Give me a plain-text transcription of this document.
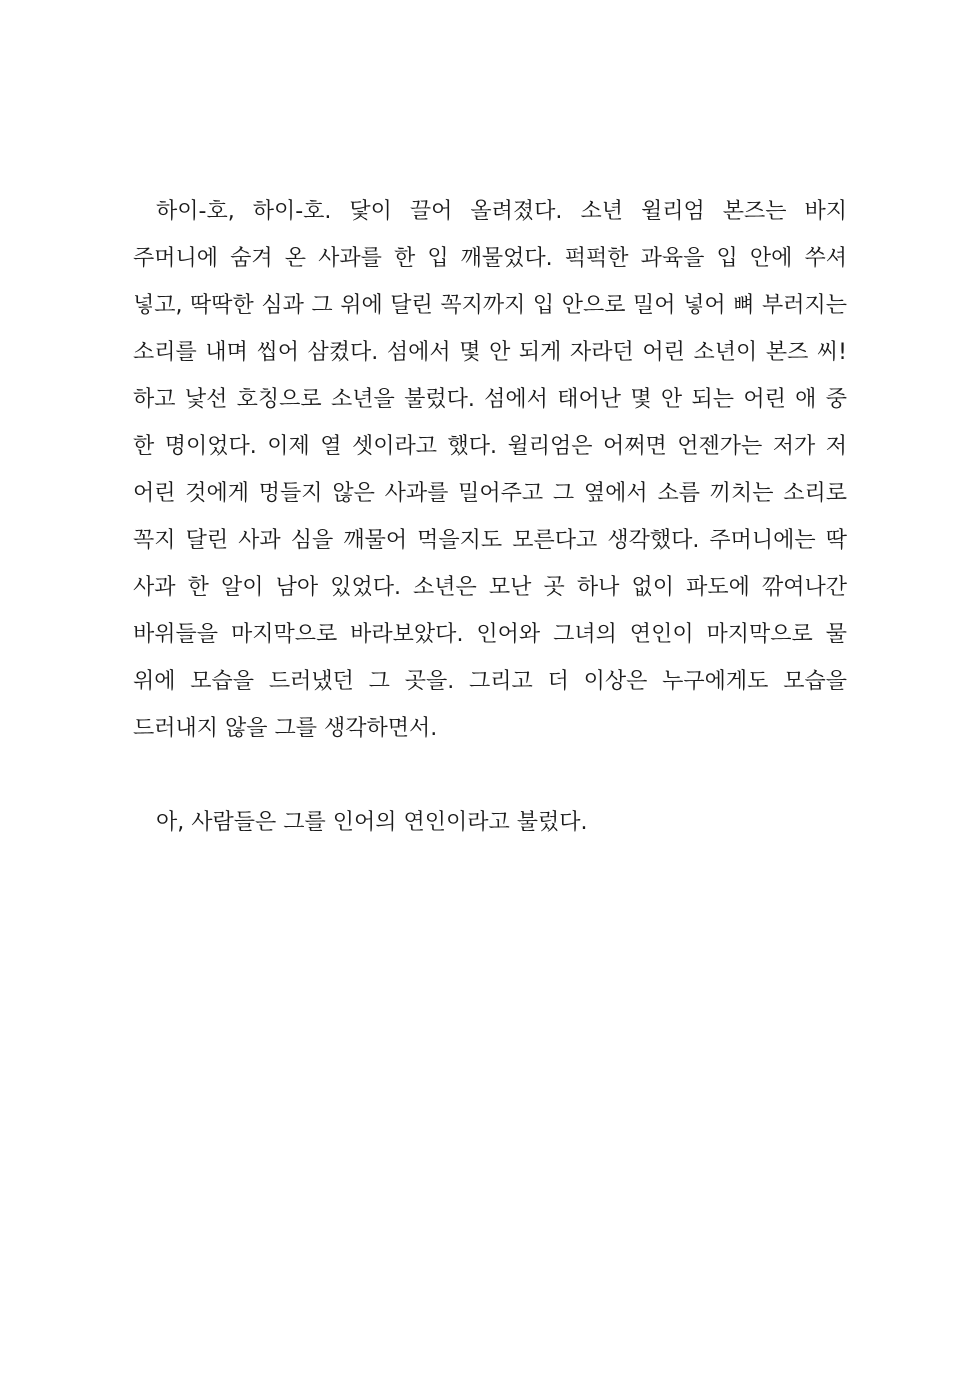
하이-호, 하이-호. 닻이 끌어 올려졌다. 소년 윌리엄 본즈는 바지 주머니에 숨겨 온 사과를 한 입 깨물었다. 퍽퍽한 과육을 입 안에 쑤셔 넣고, 딱딱한 심과 그 위에 달린 꼭지까지 입 안으로 밀어 넣어 뼈 부러지는 소리를 내며 씹어 삼켰다. 섬에서 몇 안 되게 자라던 어린 소년이 본즈 씨! 하고 낯선 호칭으로 소년을 불렀다. 섬에서 태어난 몇 안 되는 어린 애 중 한 명이었다. 이제 열 셋이라고 했다. 윌리엄은 어쩌면 언젠가는 저가 저 어린 것에게 멍들지 않은 사과를 밀어주고 그 옆에서 소름 끼치는 소리로 꼭지 달린 사과 심을 깨물어 먹을지도 모른다고 생각했다. 주머니에는 딱 사과 한 알이 남아 있었다. 소년은 모난 곳 하나 없이 파도에 깎여나간 바위들을 마지막으로 바라보았다. 인어와 그녀의 연인이 마지막으로 물 위에 모습을 드러냈던 그 곳을. 그리고 더 이상은 누구에게도 모습을 드러내지 않을 그를 생각하면서.

아, 사람들은 그를 인어의 연인이라고 불렀다.
